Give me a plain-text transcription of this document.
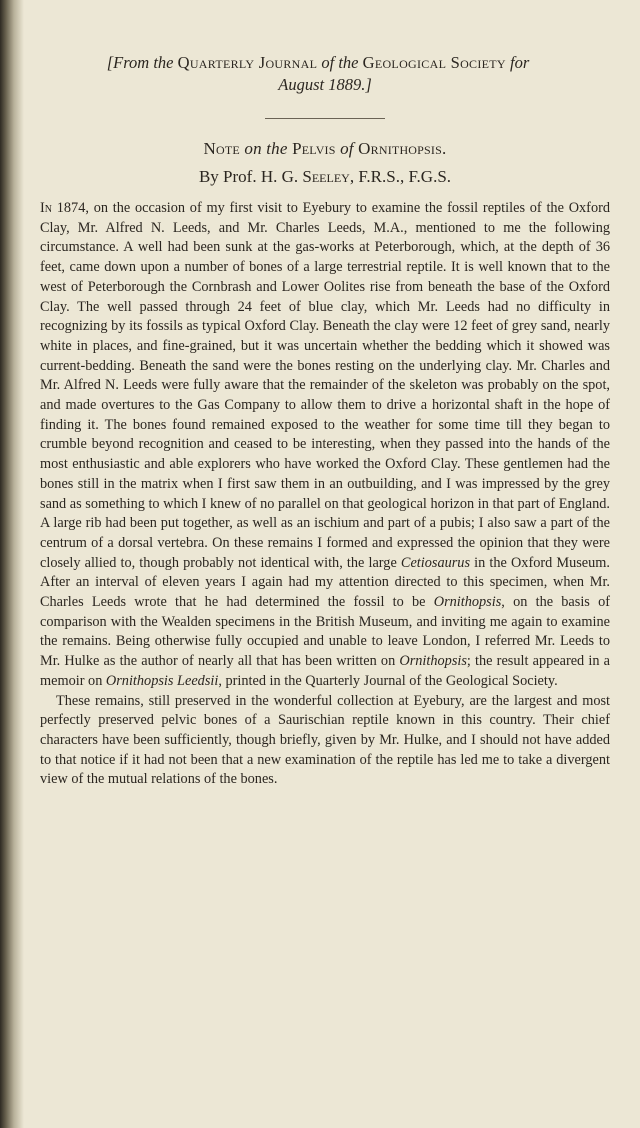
[From the Quarterly Journal of the Geological Society for
August 1889.]
Note on the Pelvis of Ornithopsis.
By Prof. H. G. Seeley, F.R.S., F.G.S.

In 1874, on the occasion of my first visit to Eyebury to examine the fossil reptiles of the Oxford Clay, Mr. Alfred N. Leeds, and Mr. Charles Leeds, M.A., mentioned to me the following circumstance. A well had been sunk at the gas-works at Peterborough, which, at the depth of 36 feet, came down upon a number of bones of a large terrestrial reptile. It is well known that to the west of Peterborough the Cornbrash and Lower Oolites rise from beneath the base of the Oxford Clay. The well passed through 24 feet of blue clay, which Mr. Leeds had no difficulty in recognizing by its fossils as typical Oxford Clay. Beneath the clay were 12 feet of grey sand, nearly white in places, and fine-grained, but it was uncertain whether the bedding which it showed was current-bedding. Beneath the sand were the bones resting on the underlying clay. Mr. Charles and Mr. Alfred N. Leeds were fully aware that the remainder of the skeleton was probably on the spot, and made overtures to the Gas Company to allow them to drive a horizontal shaft in the hope of finding it. The bones found remained exposed to the weather for some time till they began to crumble beyond recognition and ceased to be interesting, when they passed into the hands of the most enthusiastic and able explorers who have worked the Oxford Clay. These gentlemen had the bones still in the matrix when I first saw them in an outbuilding, and I was impressed by the grey sand as something to which I knew of no parallel on that geological horizon in that part of England. A large rib had been put together, as well as an ischium and part of a pubis; I also saw a part of the centrum of a dorsal vertebra. On these remains I formed and expressed the opinion that they were closely allied to, though probably not identical with, the large Cetiosaurus in the Oxford Museum. After an interval of eleven years I again had my attention directed to this specimen, when Mr. Charles Leeds wrote that he had determined the fossil to be Ornithopsis, on the basis of comparison with the Wealden specimens in the British Museum, and inviting me again to examine the remains. Being otherwise fully occupied and unable to leave London, I referred Mr. Leeds to Mr. Hulke as the author of nearly all that has been written on Ornithopsis; the result appeared in a memoir on Ornithopsis Leedsii, printed in the Quarterly Journal of the Geological Society.

These remains, still preserved in the wonderful collection at Eyebury, are the largest and most perfectly preserved pelvic bones of a Saurischian reptile known in this country. Their chief characters have been sufficiently, though briefly, given by Mr. Hulke, and I should not have added to that notice if it had not been that a new examination of the reptile has led me to take a divergent view of the mutual relations of the bones.
